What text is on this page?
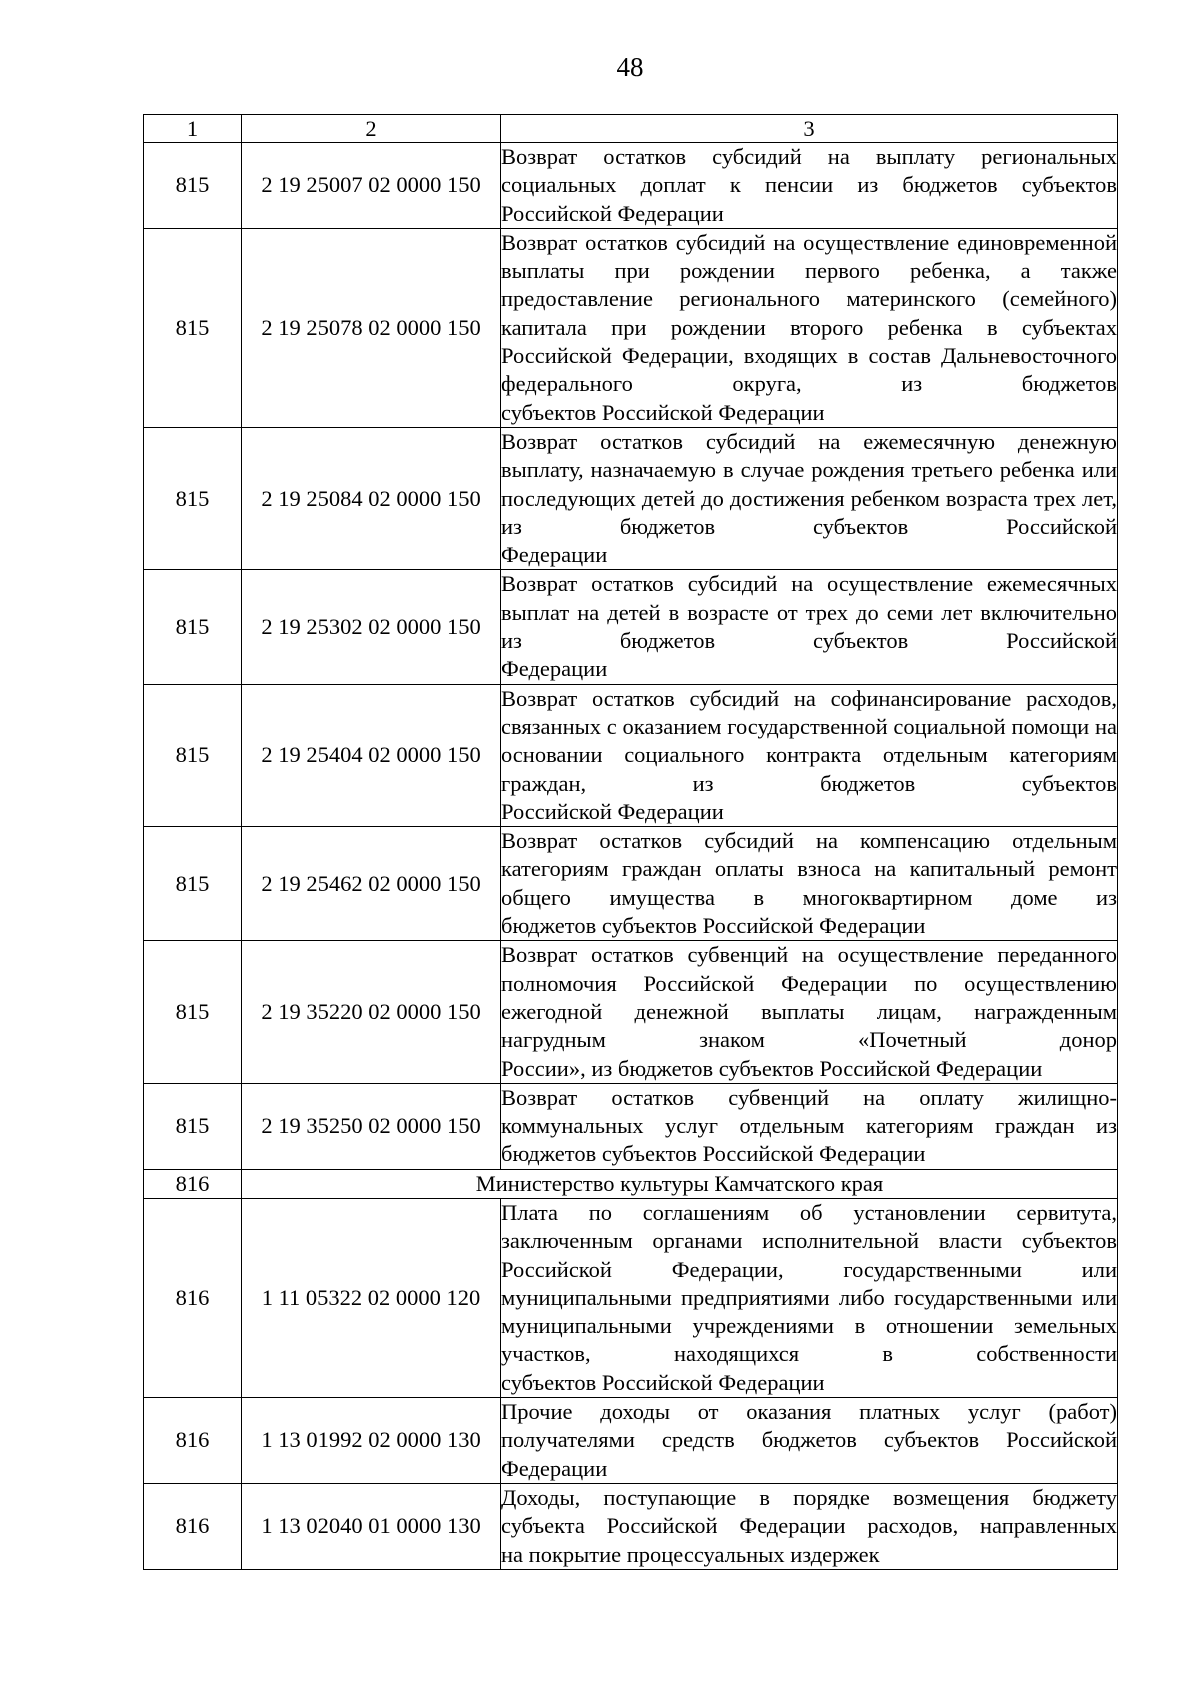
48
1	2	3
815	2 19 25007 02 0000 150	Возврат остатков субсидий на выплату региональных социальных доплат к пенсии из бюджетов субъектов
Российской Федерации

815	2 19 25078 02 0000 150	Возврат остатков субсидий на осуществление единовременной выплаты при рождении первого ребенка, а также предоставление регионального материнского (семейного) капитала при рождении второго ребенка в субъектах Российской Федерации, входящих в состав Дальневосточного федерального округа, из бюджетов
субъектов Российской Федерации

815	2 19 25084 02 0000 150	Возврат остатков субсидий на ежемесячную денежную выплату, назначаемую в случае рождения третьего ребенка или последующих детей до достижения ребенком возраста трех лет, из бюджетов субъектов Российской
Федерации

815	2 19 25302 02 0000 150	Возврат остатков субсидий на осуществление ежемесячных выплат на детей в возрасте от трех до семи лет включительно из бюджетов субъектов Российской
Федерации

815	2 19 25404 02 0000 150	Возврат остатков субсидий на софинансирование расходов, связанных с оказанием государственной социальной помощи на основании социального контракта отдельным категориям граждан, из бюджетов субъектов
Российской Федерации

815	2 19 25462 02 0000 150	Возврат остатков субсидий на компенсацию отдельным категориям граждан оплаты взноса на капитальный ремонт общего имущества в многоквартирном доме из
бюджетов субъектов Российской Федерации

815	2 19 35220 02 0000 150	Возврат остатков субвенций на осуществление переданного полномочия Российской Федерации по осуществлению ежегодной денежной выплаты лицам, награжденным нагрудным знаком «Почетный донор
России», из бюджетов субъектов Российской Федерации

815	2 19 35250 02 0000 150	Возврат остатков субвенций на оплату жилищно-коммунальных услуг отдельным категориям граждан из
бюджетов субъектов Российской Федерации

816	Министерство культуры Камчатского края	
816	1 11 05322 02 0000 120	Плата по соглашениям об установлении сервитута, заключенным органами исполнительной власти субъектов Российской Федерации, государственными или муниципальными предприятиями либо государственными или муниципальными учреждениями в отношении земельных участков, находящихся в собственности
субъектов Российской Федерации

816	1 13 01992 02 0000 130	Прочие доходы от оказания платных услуг (работ) получателями средств бюджетов субъектов Российской
Федерации

816	1 13 02040 01 0000 130	Доходы, поступающие в порядке возмещения бюджету субъекта Российской Федерации расходов, направленных
на покрытие процессуальных издержек
